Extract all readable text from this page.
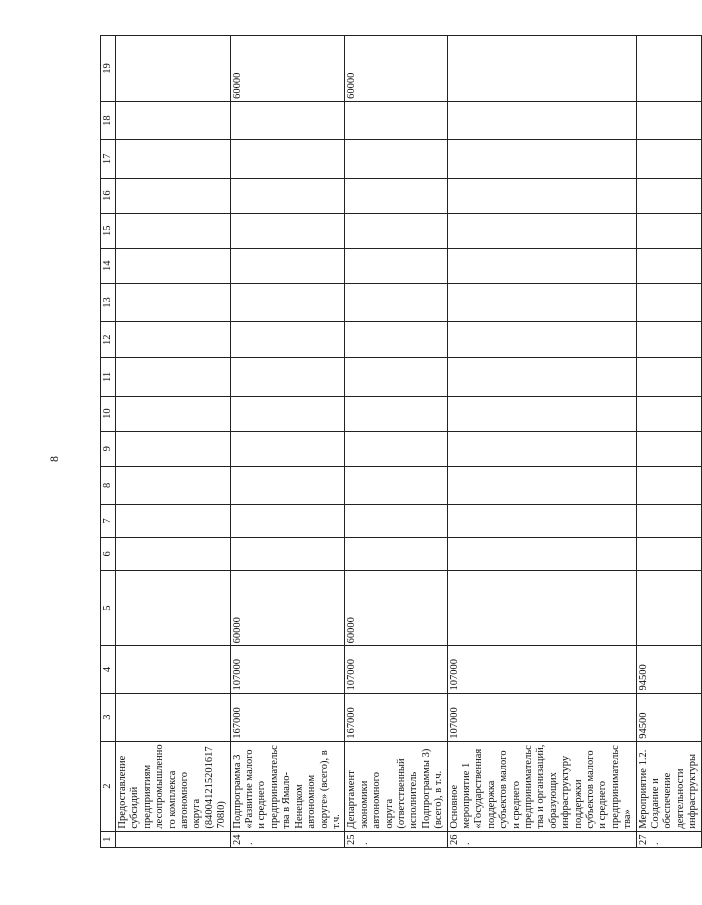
8
1	2	3	4	5	6	7	8	9	10	11	12	13	14	15	16	17	18	19
	Предоставление субсидий предприятиям лесопромышленного комплекса автономного округа (840041215201617708l0)																	
24.	Подпрограмма 3 «Развитие малого и среднего предпринимательства в Ямало-Ненецком автономном округе» (всего), в т.ч.	167000	107000	60000														60000
25.	Департамент экономики автономного округа (ответственный исполнитель Подпрограммы 3) (всего), в т.ч.	167000	107000	60000														60000
26.	Основное мероприятие 1 «Государственная поддержка субъектов малого и среднего предпринимательства и организаций, образующих инфраструктуру поддержки субъектов малого и среднего предпринимательства»	107000	107000															
27.	Мероприятие 1.2. Создание и обеспечение деятельности инфраструктуры	94500	94500															
